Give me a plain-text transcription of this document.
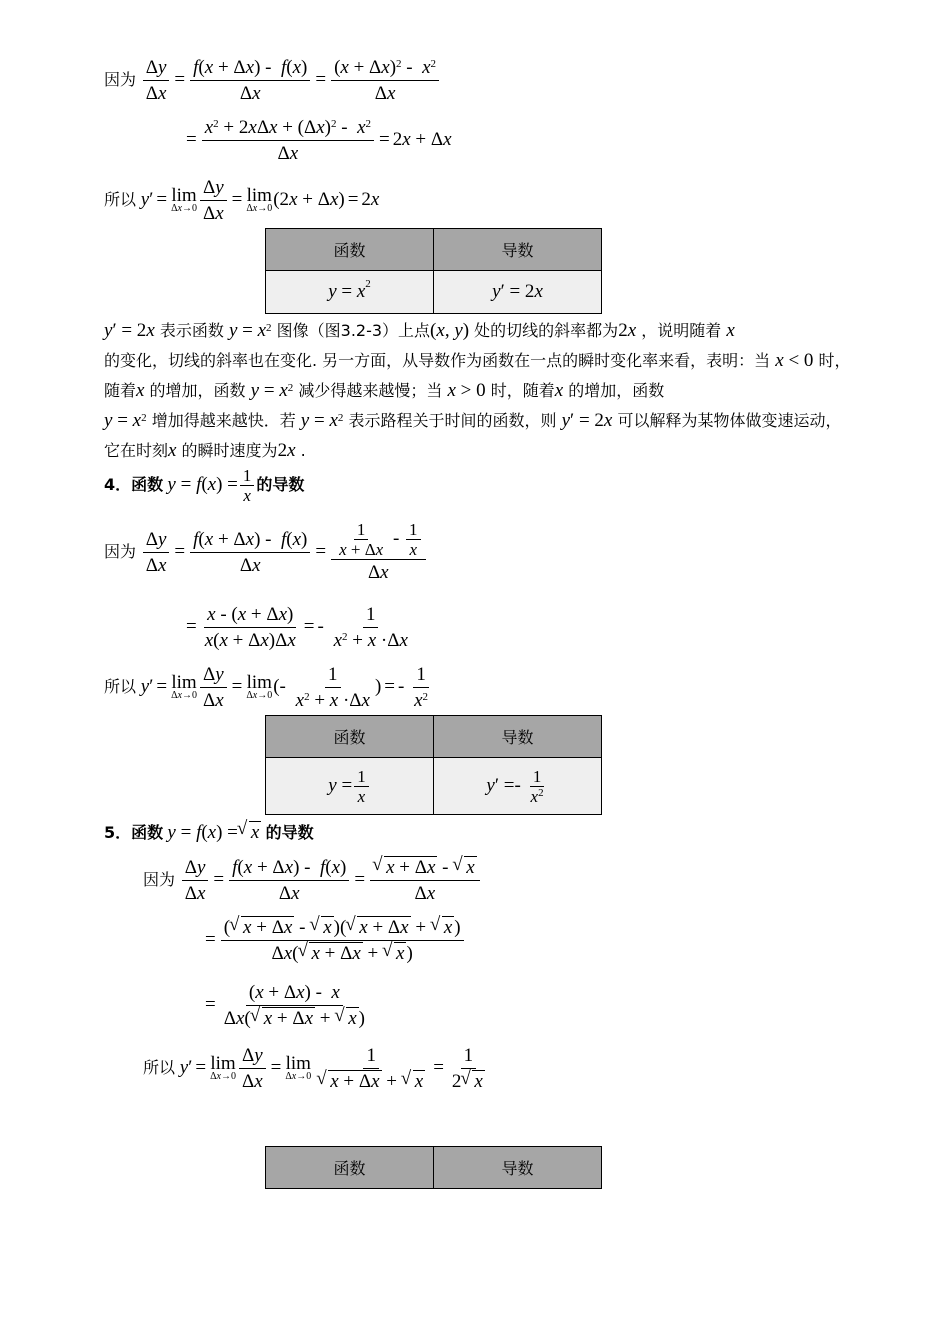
因为 $\frac{\Delta y}{\Delta x} = \frac{f(x + \Delta x) - f(x)}{\Delta x} = \frac{(x + \Delta x)^2 - x^2}{\Delta x}$
= $\frac{x^2 + 2x\Delta x + (\Delta x)^2 - x^2}{\Delta x} = 2x + \Delta x$
所以 y′ = lim
$\Delta x\to 0 \frac{\Delta y}{\Delta x} = \lim$
Δx→0 (2x + Δx) = 2x
函数	导数
$y = x^2$	y′ = 2x
y′ = 2x 表示函数 $y = x^2$ 图像（图3.2-3）上点(x, y) 处的切线的斜率都为2x ，说明随着 x
的变化，切线的斜率也在变化. 另一方面，从导数作为函数在一点的瞬时变化率来看，表明：当 x < 0 时，随着x 的增加，函数 $y = x^2$ 减少得越来越慢；当 x > 0 时，随着x 的增加，函数
$y = x^2$ 增加得越来越快．若 $y = x^2$ 表示路程关于时间的函数，则 y′ = 2x 可以解释为某物体做变速运动，它在时刻x 的瞬时速度为2x .
4．函数 $y = f(x) = \frac{1}{x}$ 的导数
因为 $\frac{\Delta y}{\Delta x} = \frac{f(x + \Delta x) - f(x)}{\Delta x} = \frac{\frac{1}{x + \Delta x} - \frac{1}{x}}{\Delta x}$
= $\frac{x - (x + \Delta x)}{x(x + \Delta x)\Delta x}$ = - $\frac{1}{x^2 + x \cdot\Delta x}$
所以 y′ = lim
$\Delta x\to 0 \frac{\Delta y}{\Delta x} = \lim$
Δx→0 (- $\frac{1}{x^2 + x \cdot\Delta x}$ ) = - $\frac{1}{x^2}$
函数	导数
$y = \frac{1}{x}$	$y' =- \frac{1}{x^2}$
5．函数 y = f(x) = √ x 的导数
因为 $\frac{\Delta y}{\Delta x} = \frac{f(x + \Delta x) - f(x)}{\Delta x}$ = √ $\frac{x + \Delta x - √ x}{\Delta x}$
= $\frac{( √ x + \Delta x - √ x )( √ x + \Delta x + √ x )}{\Delta x( √ x + \Delta x + √ x )}$
= $\frac{(x + \Delta x) - x}{\Delta x( √ x + \Delta x + √ x )}$
所以 y′ = lim
$\Delta x\to 0 \frac{\Delta y}{\Delta x} = \lim$
Δx→0 1
√ x + Δx + √ $x = \frac{1}{2 √ x}$
函数	导数
